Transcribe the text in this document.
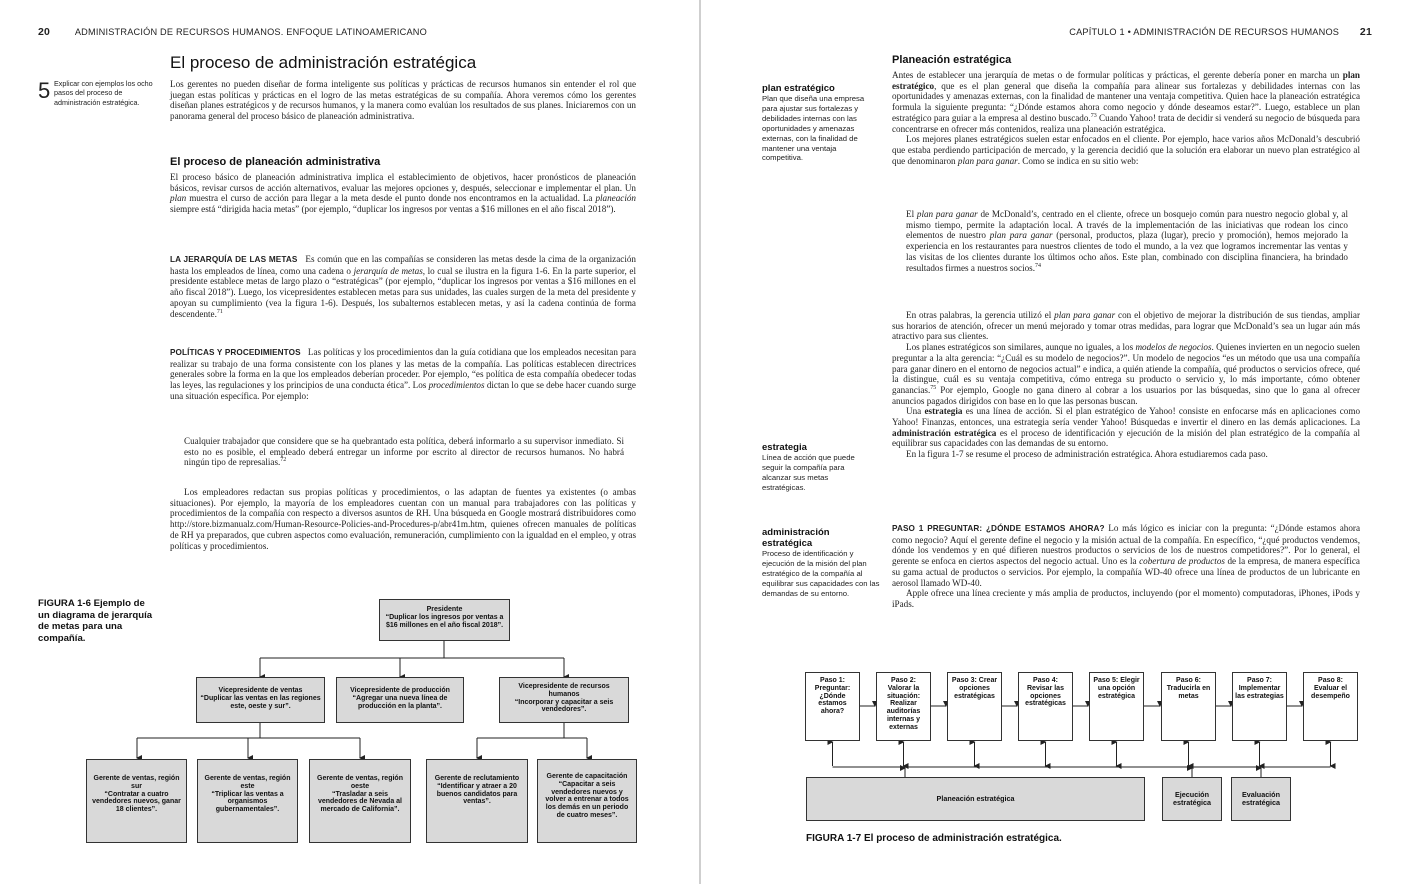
20	ADMINISTRACIÓN DE RECURSOS HUMANOS. ENFOQUE LATINOAMERICANO
El proceso de administración estratégica
5 Explicar con ejemplos los ocho pasos del proceso de administración estratégica.

Los gerentes no pueden diseñar de forma inteligente sus políticas y prácticas de recursos humanos sin entender el rol que juegan estas políticas y prácticas en el logro de las metas estratégicas de su compañía. Ahora veremos cómo los gerentes diseñan planes estratégicos y de recursos humanos, y la manera como evalúan los resultados de sus planes. Iniciaremos con un panorama general del proceso básico de planeación administrativa.

El proceso de planeación administrativa

El proceso básico de planeación administrativa implica el establecimiento de objetivos, hacer pronósticos de planeación básicos, revisar cursos de acción alternativos, evaluar las mejores opciones y, después, seleccionar e implementar el plan. Un plan muestra el curso de acción para llegar a la meta desde el punto donde nos encontramos en la actualidad. La planeación siempre está “dirigida hacia metas” (por ejemplo, “duplicar los ingresos por ventas a $16 millones en el año fiscal 2018”).

LA JERARQUÍA DE LAS METAS Es común que en las compañías se consideren las metas desde la cima de la organización hasta los empleados de línea, como una cadena o jerarquía de metas, lo cual se ilustra en la figura 1-6. En la parte superior, el presidente establece metas de largo plazo o “estratégicas” (por ejemplo, “duplicar los ingresos por ventas a $16 millones en el año fiscal 2018”). Luego, los vicepresidentes establecen metas para sus unidades, las cuales surgen de la meta del presidente y apoyan su cumplimiento (vea la figura 1-6). Después, los subalternos establecen metas, y así la cadena continúa de forma descendente.$^{71}$

POLÍTICAS Y PROCEDIMIENTOS Las políticas y los procedimientos dan la guía cotidiana que los empleados necesitan para realizar su trabajo de una forma consistente con los planes y las metas de la compañía. Las políticas establecen directrices generales sobre la forma en la que los empleados deberían proceder. Por ejemplo, “es política de esta compañía obedecer todas las leyes, las regulaciones y los principios de una conducta ética”. Los procedimientos dictan lo que se debe hacer cuando surge una situación específica. Por ejemplo:

Cualquier trabajador que considere que se ha quebrantado esta política, deberá informarlo a su supervisor inmediato. Si esto no es posible, el empleado deberá entregar un informe por escrito al director de recursos humanos. No habrá ningún tipo de represalias.$^{72}$

Los empleadores redactan sus propias políticas y procedimientos, o las adaptan de fuentes ya existentes (o ambas situaciones). Por ejemplo, la mayoría de los empleadores cuentan con un manual para trabajadores con las políticas y procedimientos de la compañía con respecto a diversos asuntos de RH. Una búsqueda en Google mostrará distribuidores como http://store.bizmanualz.com/Human-Resource-Policies-and-Procedures-p/abr41m.htm, quienes ofrecen manuales de políticas de RH ya preparados, que cubren aspectos como evaluación, remuneración, cumplimiento con la igualdad en el empleo, y otras políticas y procedimientos.

FIGURA 1-6 Ejemplo de un diagrama de jerarquía de metas para una compañía.
Presidente
“Duplicar los ingresos por ventas a $16 millones en el año fiscal 2018”.
Vicepresidente de ventas
“Duplicar las ventas en las regiones este, oeste y sur”.
Vicepresidente de producción
“Agregar una nueva línea de producción en la planta”.
Vicepresidente de recursos humanos
“Incorporar y capacitar a seis vendedores”.
Gerente de ventas, región sur
“Contratar a cuatro vendedores nuevos, ganar 18 clientes”.
Gerente de ventas, región este
“Triplicar las ventas a organismos gubernamentales”.
Gerente de ventas, región oeste
“Trasladar a seis vendedores de Nevada al mercado de California”.
Gerente de reclutamiento
“Identificar y atraer a 20 buenos candidatos para ventas”.
Gerente de capacitación
“Capacitar a seis vendedores nuevos y volver a entrenar a todos los demás en un periodo de cuatro meses”.
CAPÍTULO 1 • ADMINISTRACIÓN DE RECURSOS HUMANOS 21
Planeación estratégica
plan estratégico
Plan que diseña una empresa para ajustar sus fortalezas y debilidades internas con las oportunidades y amenazas externas, con la finalidad de mantener una ventaja competitiva.
estrategia
Línea de acción que puede seguir la compañía para alcanzar sus metas estratégicas.
administración estratégica
Proceso de identificación y ejecución de la misión del plan estratégico de la compañía al equilibrar sus capacidades con las demandas de su entorno.

Antes de establecer una jerarquía de metas o de formular políticas y prácticas, el gerente debería poner en marcha un plan estratégico, que es el plan general que diseña la compañía para alinear sus fortalezas y debilidades internas con las oportunidades y amenazas externas, con la finalidad de mantener una ventaja competitiva. Quien hace la planeación estratégica formula la siguiente pregunta: “¿Dónde estamos ahora como negocio y dónde deseamos estar?”. Luego, establece un plan estratégico para guiar a la empresa al destino buscado.$^{73}$ Cuando Yahoo! trata de decidir si venderá su negocio de búsqueda para concentrarse en ofrecer más contenidos, realiza una planeación estratégica.

Los mejores planes estratégicos suelen estar enfocados en el cliente. Por ejemplo, hace varios años McDonald’s descubrió que estaba perdiendo participación de mercado, y la gerencia decidió que la solución era elaborar un nuevo plan estratégico al que denominaron plan para ganar. Como se indica en su sitio web:

El plan para ganar de McDonald’s, centrado en el cliente, ofrece un bosquejo común para nuestro negocio global y, al mismo tiempo, permite la adaptación local. A través de la implementación de las iniciativas que rodean los cinco elementos de nuestro plan para ganar (personal, productos, plaza (lugar), precio y promoción), hemos mejorado la experiencia en los restaurantes para nuestros clientes de todo el mundo, a la vez que logramos incrementar las ventas y las visitas de los clientes durante los últimos ocho años. Este plan, combinado con disciplina financiera, ha brindado resultados firmes a nuestros socios.$^{74}$

En otras palabras, la gerencia utilizó el plan para ganar con el objetivo de mejorar la distribución de sus tiendas, ampliar sus horarios de atención, ofrecer un menú mejorado y tomar otras medidas, para lograr que McDonald’s sea un lugar aún más atractivo para sus clientes.

Los planes estratégicos son similares, aunque no iguales, a los modelos de negocios. Quienes invierten en un negocio suelen preguntar a la alta gerencia: “¿Cuál es su modelo de negocios?”. Un modelo de negocios “es un método que usa una compañía para ganar dinero en el entorno de negocios actual” e indica, a quién atiende la compañía, qué productos o servicios ofrece, qué la distingue, cuál es su ventaja competitiva, cómo entrega su producto o servicio y, lo más importante, cómo obtener ganancias.$^{75}$ Por ejemplo, Google no gana dinero al cobrar a los usuarios por las búsquedas, sino que lo gana al ofrecer anuncios pagados dirigidos con base en lo que las personas buscan.

Una estrategia es una línea de acción. Si el plan estratégico de Yahoo! consiste en enfocarse más en aplicaciones como Yahoo! Finanzas, entonces, una estrategia sería vender Yahoo! Búsquedas e invertir el dinero en las demás aplicaciones. La administración estratégica es el proceso de identificación y ejecución de la misión del plan estratégico de la compañía al equilibrar sus capacidades con las demandas de su entorno.

En la figura 1-7 se resume el proceso de administración estratégica. Ahora estudiaremos cada paso.

PASO 1 PREGUNTAR: ¿DÓNDE ESTAMOS AHORA? Lo más lógico es iniciar con la pregunta: “¿Dónde estamos ahora como negocio? Aquí el gerente define el negocio y la misión actual de la compañía. En específico, “¿qué productos vendemos, dónde los vendemos y en qué difieren nuestros productos o servicios de los de nuestros competidores?”. Por lo general, el gerente se enfoca en ciertos aspectos del negocio actual. Uno es la cobertura de productos de la empresa, de manera específica su gama actual de productos o servicios. Por ejemplo, la compañía WD-40 ofrece una línea de productos de un lubricante en aerosol llamado WD-40.

Apple ofrece una línea creciente y más amplia de productos, incluyendo (por el momento) computadoras, iPhones, iPods y iPads.

Paso 1: Preguntar: ¿Dónde estamos ahora?
Paso 2: Valorar la situación: Realizar auditorías internas y externas
Paso 3: Crear opciones estratégicas
Paso 4: Revisar las opciones estratégicas
Paso 5: Elegir una opción estratégica
Paso 6: Traducirla en metas
Paso 7: Implementar las estrategias
Paso 8: Evaluar el desempeño
Planeación estratégica	Ejecución estratégica
Evaluación estratégica
FIGURA 1-7 El proceso de administración estratégica.
